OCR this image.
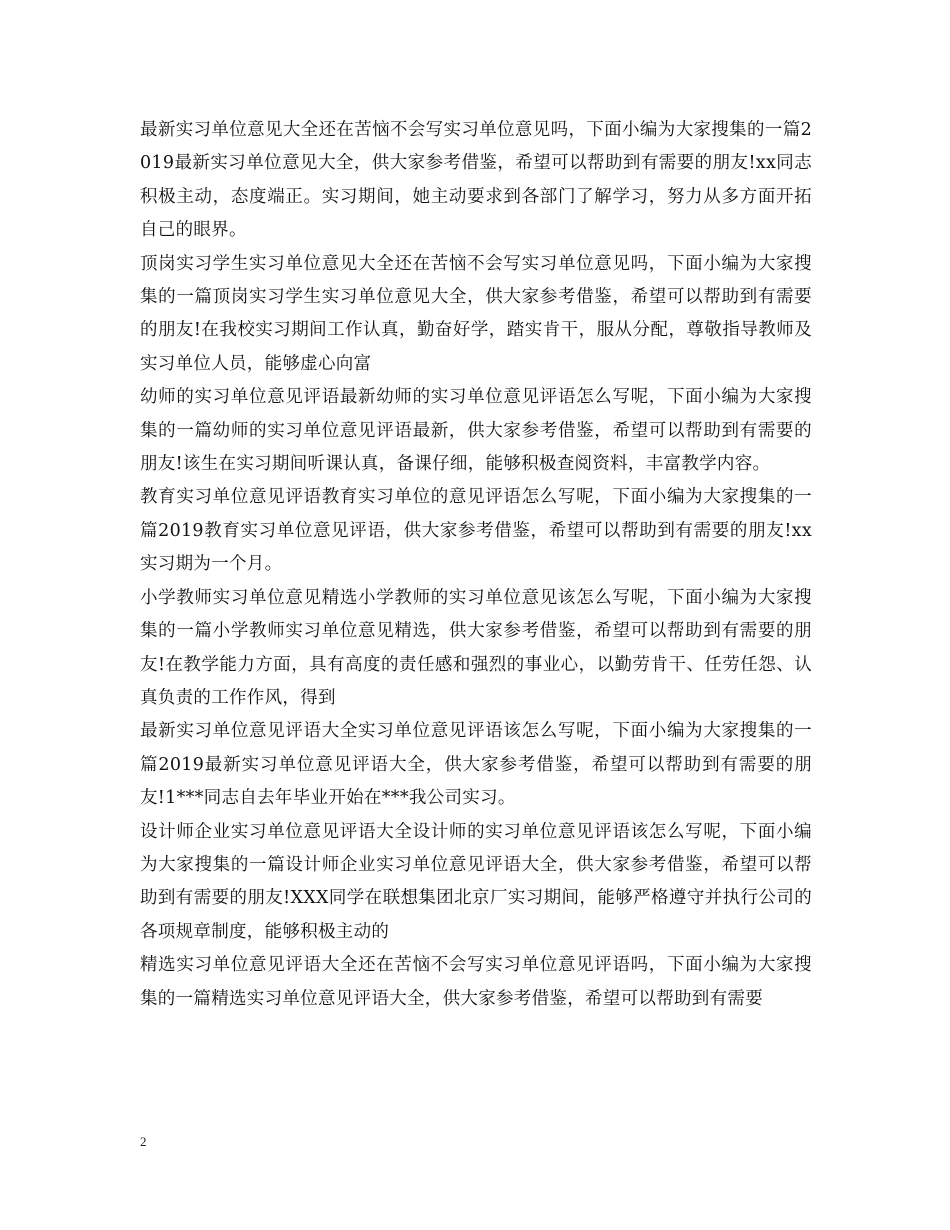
最新实习单位意见大全还在苦恼不会写实习单位意见吗，下面小编为大家搜集的一篇2019最新实习单位意见大全，供大家参考借鉴，希望可以帮助到有需要的朋友!xx同志积极主动，态度端正。实习期间，她主动要求到各部门了解学习，努力从多方面开拓自己的眼界。

顶岗实习学生实习单位意见大全还在苦恼不会写实习单位意见吗，下面小编为大家搜集的一篇顶岗实习学生实习单位意见大全，供大家参考借鉴，希望可以帮助到有需要的朋友!在我校实习期间工作认真，勤奋好学，踏实肯干，服从分配，尊敬指导教师及实习单位人员，能够虚心向富

幼师的实习单位意见评语最新幼师的实习单位意见评语怎么写呢，下面小编为大家搜集的一篇幼师的实习单位意见评语最新，供大家参考借鉴，希望可以帮助到有需要的朋友!该生在实习期间听课认真，备课仔细，能够积极查阅资料，丰富教学内容。

教育实习单位意见评语教育实习单位的意见评语怎么写呢，下面小编为大家搜集的一篇2019教育实习单位意见评语，供大家参考借鉴，希望可以帮助到有需要的朋友!xx实习期为一个月。

小学教师实习单位意见精选小学教师的实习单位意见该怎么写呢，下面小编为大家搜集的一篇小学教师实习单位意见精选，供大家参考借鉴，希望可以帮助到有需要的朋友!在教学能力方面，具有高度的责任感和强烈的事业心，以勤劳肯干、任劳任怨、认真负责的工作作风，得到

最新实习单位意见评语大全实习单位意见评语该怎么写呢，下面小编为大家搜集的一篇2019最新实习单位意见评语大全，供大家参考借鉴，希望可以帮助到有需要的朋友!1***同志自去年毕业开始在***我公司实习。

设计师企业实习单位意见评语大全设计师的实习单位意见评语该怎么写呢，下面小编为大家搜集的一篇设计师企业实习单位意见评语大全，供大家参考借鉴，希望可以帮助到有需要的朋友!XXX同学在联想集团北京厂实习期间，能够严格遵守并执行公司的各项规章制度，能够积极主动的

精选实习单位意见评语大全还在苦恼不会写实习单位意见评语吗，下面小编为大家搜集的一篇精选实习单位意见评语大全，供大家参考借鉴，希望可以帮助到有需要

2
